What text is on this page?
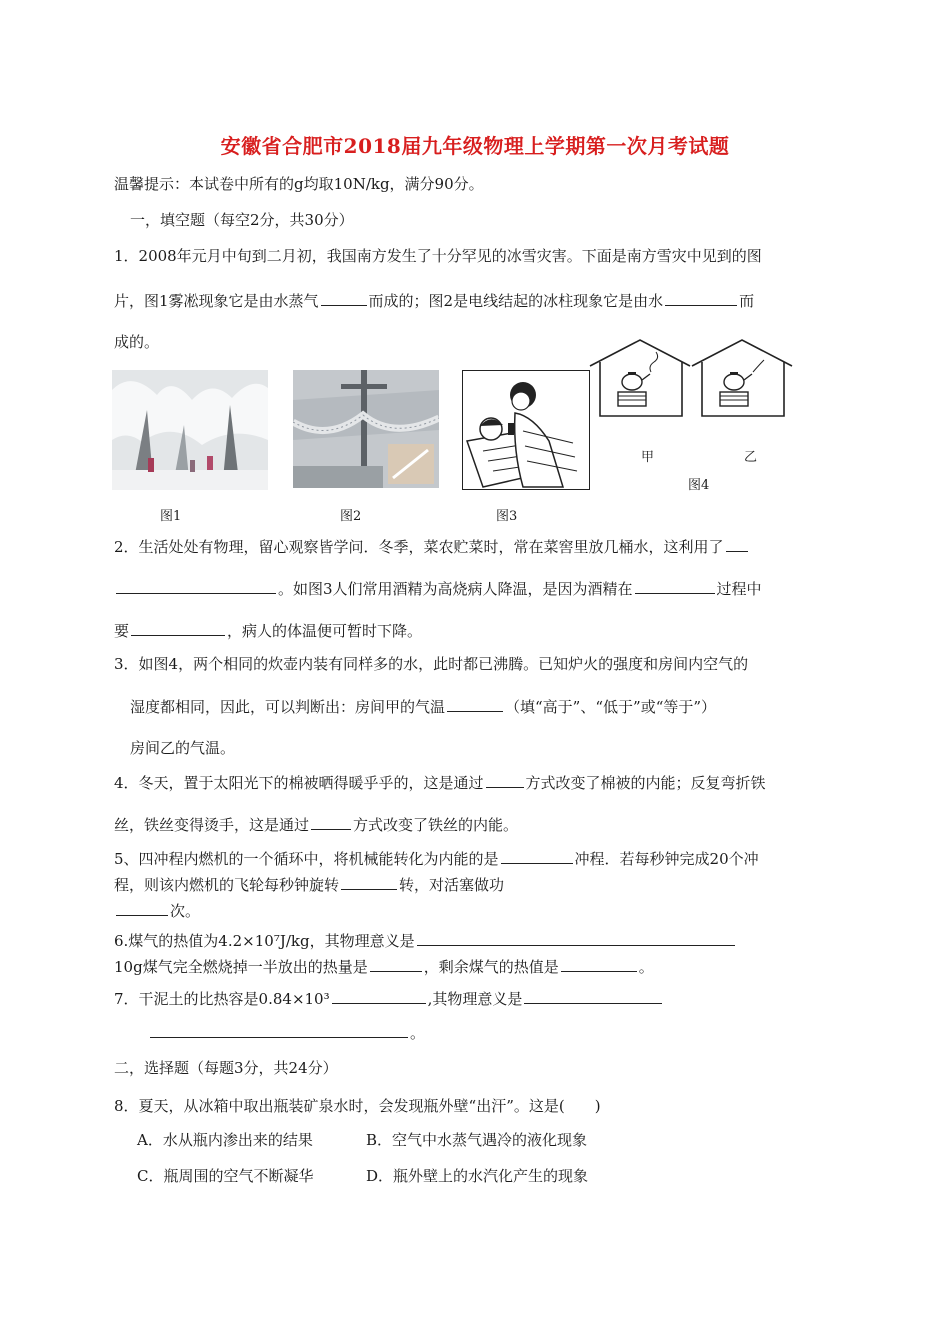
安徽省合肥市2018届九年级物理上学期第一次月考试题
温馨提示：本试卷中所有的g均取10N/kg，满分90分。
一，填空题（每空2分，共30分）
1．2008年元月中旬到二月初，我国南方发生了十分罕见的冰雪灾害。下面是南方雪灾中见到的图
片，图1雾凇现象它是由水蒸气	而成的；图2是电线结起的冰柱现象它是由水	而
成的。
甲	乙
图4
图1	图2	图3
2．生活处处有物理，留心观察皆学问．冬季，菜农贮菜时，常在菜窖里放几桶水，这利用了
。如图3人们常用酒精为高烧病人降温，是因为酒精在	过程中
要	，病人的体温便可暂时下降。
3．如图4，两个相同的炊壶内装有同样多的水，此时都已沸腾。已知炉火的强度和房间内空气的
湿度都相同，因此，可以判断出：房间甲的气温	（填“高于”、“低于”或“等于”）
房间乙的气温。
4．冬天，置于太阳光下的棉被晒得暖乎乎的，这是通过	方式改变了棉被的内能；反复弯折铁
丝，铁丝变得烫手，这是通过	方式改变了铁丝的内能。
5、四冲程内燃机的一个循环中，将机械能转化为内能的是	冲程．若每秒钟完成20个冲
程，则该内燃机的飞轮每秒钟旋转	转，对活塞做功
次。
6.煤气的热值为4.2×10⁷J/kg，其物理意义是
10g煤气完全燃烧掉一半放出的热量是	，剩余煤气的热值是	。
7．干泥土的比热容是0.84×10³	,其物理意义是
。
二，选择题（每题3分，共24分）
8．夏天，从冰箱中取出瓶装矿泉水时，会发现瓶外壁“出汗”。这是(　　)
A．水从瓶内渗出来的结果	B．空气中水蒸气遇冷的液化现象
C．瓶周围的空气不断凝华	D．瓶外壁上的水汽化产生的现象
